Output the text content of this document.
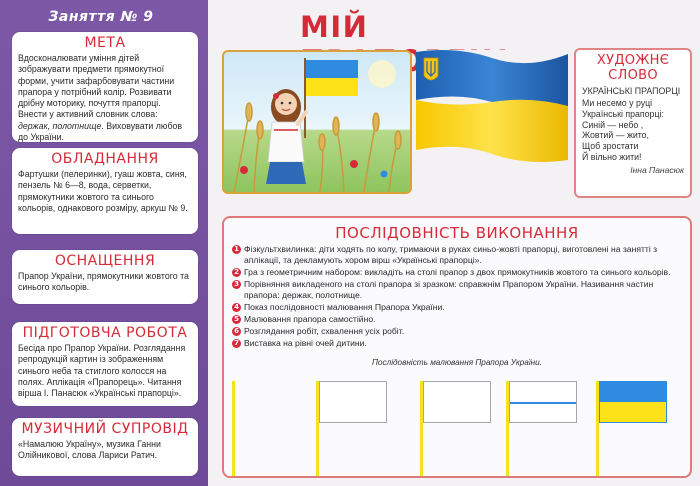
Заняття № 9
МЕТА

Вдосконалювати уміння дітей зображувати предмети прямокутної форми, учити зафарбовувати частини прапора у потрібний колір. Розвивати дрібну моторику, почуття прапорці. Внести у активний словник слова: держак, полотнище. Виховувати любов до України.

ОБЛАДНАННЯ

Фартушки (пелеринки), гуаш жовта, синя, пензель № 6—8, вода, серветки, прямокутники жовтого та синього кольорів, однакового розміру, аркуш № 9.

ОСНАЩЕННЯ

Прапор України, прямокутники жовтого та синього кольорів.

ПІДГОТОВЧА РОБОТА

Бесіда про Прапор України. Розглядання репродукцій картин із зображенням синього неба та стиглого колосся на полях. Аплікація «Прапорець». Читання вірша І. Панасюк «Українські прапорці».

МУЗИЧНИЙ СУПРОВІД

«Намалюю Україну», музика Ганни Олійникової, слова Лариси Ратич.

МІЙ
ХУДОЖНЄ СЛОВО
УКРАЇНСЬКІ ПРАПОРЦІ
Ми несемо у руці
Українські прапорці:
Синій — небо ,
Жовтий — жито,
Щоб зростати
Й вільно жити!
Інна Панасюк
ПОСЛІДОВНІСТЬ ВИКОНАННЯ
1 Фізкультхвилинка: діти ходять по колу, тримаючи в руках синьо-жовті прапорці, виготовлені на занятті з аплікації, та декламують хором вірш «Українські прапорці».
2 Гра з геометричним набором: викладіть на столі прапор з двох прямокутників жовтого та синього кольорів.
3 Порівняння викладеного на столі прапора зі зразком: справжнім Прапором України. Називання частин прапора: держак, полотнище.
4 Показ послідовності малювання Прапора України.
5 Малювання прапора самостійно.
6 Розглядання робіт, схвалення усіх робіт.
7 Виставка на рівні очей дитини.
Послідовність малювання Прапора України.
